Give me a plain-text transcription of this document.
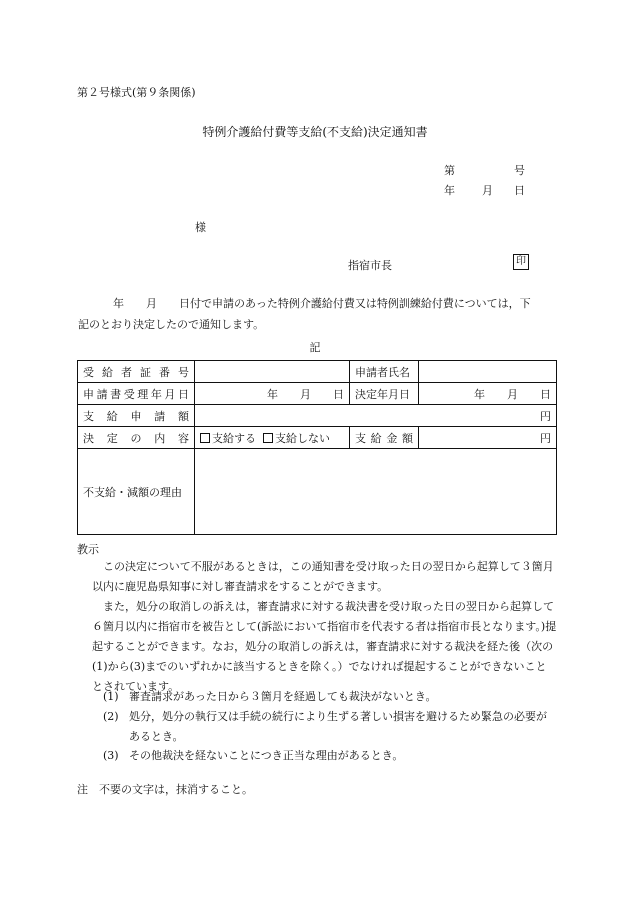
第２号様式(第９条関係)
特例介護給付費等支給(不支給)決定通知書
第	号
年 月 日
様
指宿市長	印
年　　月　　日付で申請のあった特例介護給付費又は特例訓練給付費については，下
記のとおり決定したので通知します。
記
受給者証番号		申請者氏名	
申請書受理年月日	年　　月　　日	決定年月日	年　　月　　日
支給申請額	円		
決定の内容	支給する 支給しない	支給金額	円
不支給・減額の理由			
教示

この決定について不服があるときは，この通知書を受け取った日の翌日から起算して３箇月以内に鹿児島県知事に対し審査請求をすることができます。

また，処分の取消しの訴えは，審査請求に対する裁決書を受け取った日の翌日から起算して６箇月以内に指宿市を被告として(訴訟において指宿市を代表する者は指宿市長となります。)提起することができます。なお，処分の取消しの訴えは，審査請求に対する裁決を経た後（次の(1)から(3)までのいずれかに該当するときを除く。）でなければ提起することができないこととされています。

(1) 審査請求があった日から３箇月を経過しても裁決がないとき。
(2) 処分，処分の執行又は手続の続行により生ずる著しい損害を避けるため緊急の必要があるとき。
(3) その他裁決を経ないことにつき正当な理由があるとき。
注　不要の文字は，抹消すること。
